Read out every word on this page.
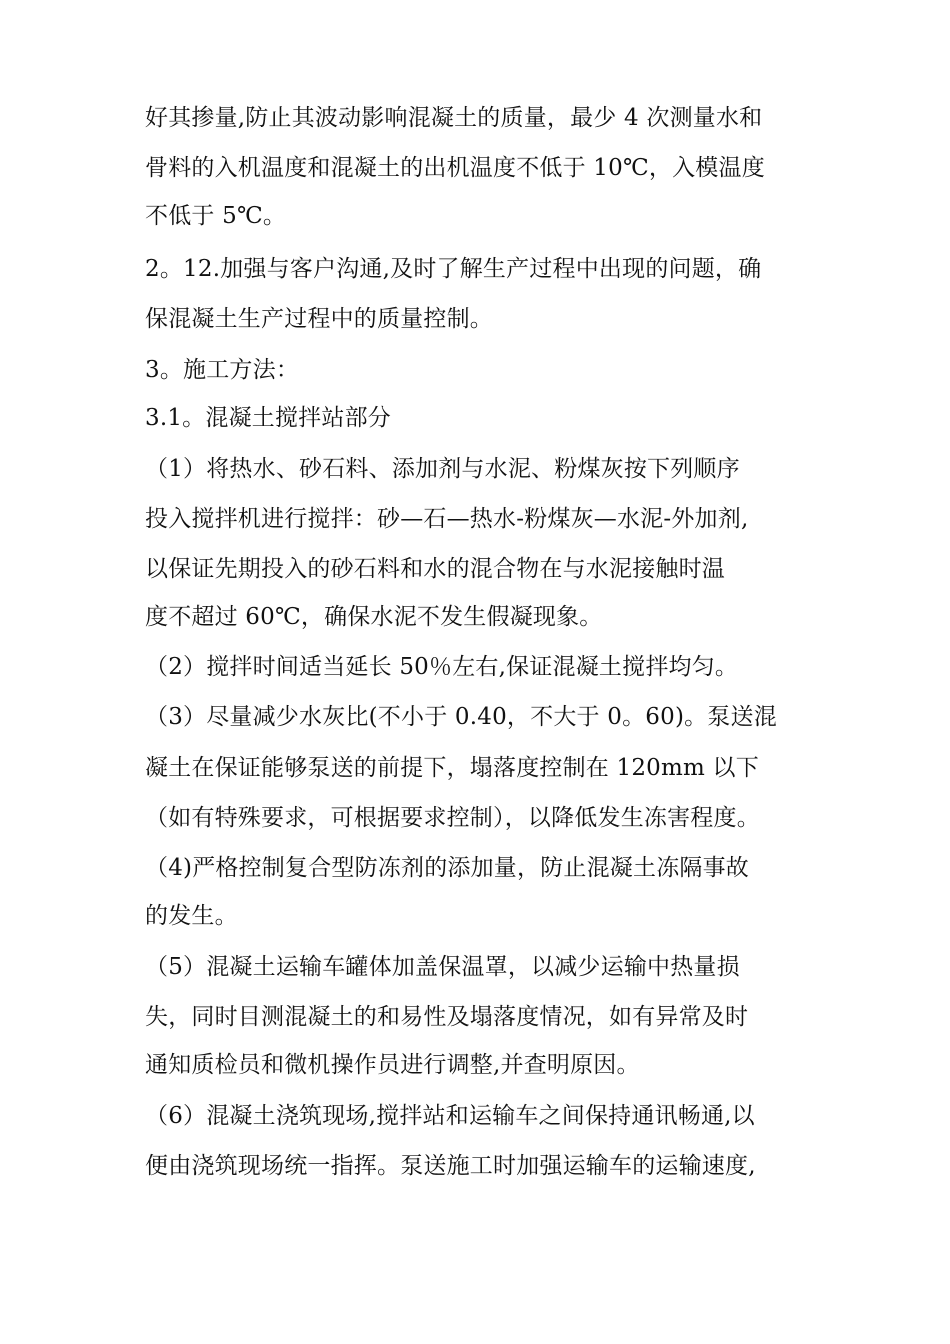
好其掺量,防止其波动影响混凝土的质量，最少 4 次测量水和
骨料的入机温度和混凝土的出机温度不低于 10℃，入模温度
不低于 5℃。
2。12.加强与客户沟通,及时了解生产过程中出现的问题，确
保混凝土生产过程中的质量控制。
3。施工方法：
3.1。混凝土搅拌站部分
（1）将热水、砂石料、添加剂与水泥、粉煤灰按下列顺序
投入搅拌机进行搅拌：砂—石—热水-粉煤灰—水泥-外加剂,
以保证先期投入的砂石料和水的混合物在与水泥接触时温
度不超过 60℃，确保水泥不发生假凝现象。
（2）搅拌时间适当延长 50％左右,保证混凝土搅拌均匀。
（3）尽量减少水灰比(不小于 0.40，不大于 0。60)。泵送混
凝土在保证能够泵送的前提下，塌落度控制在 120mm 以下
（如有特殊要求，可根据要求控制），以降低发生冻害程度。
（4)严格控制复合型防冻剂的添加量，防止混凝土冻隔事故
的发生。
（5）混凝土运输车罐体加盖保温罩，以减少运输中热量损
失，同时目测混凝土的和易性及塌落度情况，如有异常及时
通知质检员和微机操作员进行调整,并查明原因。
（6）混凝土浇筑现场,搅拌站和运输车之间保持通讯畅通,以
便由浇筑现场统一指挥。泵送施工时加强运输车的运输速度,
